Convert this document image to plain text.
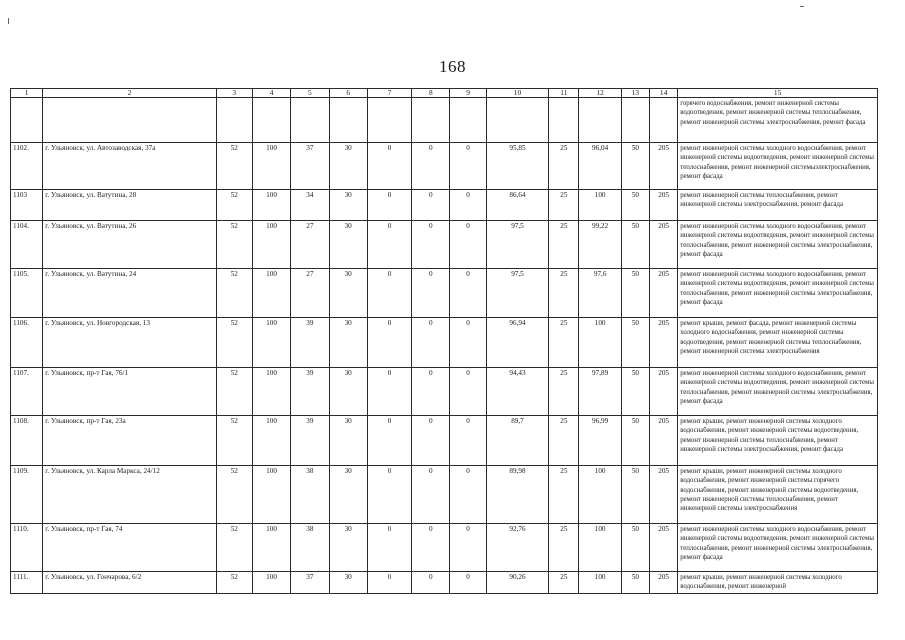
168
1	2	3	4	5	6	7	8	9	10	11	12	13	14	15
														горячего водоснабжения, ремонт инженерной системы водоотведения, ремонт инженерной системы теплоснабжения, ремонт инженерной системы электроснабжения, ремонт фасада
1102.	г. Ульяновск, ул. Автозаводская, 37а	52	100	37	30	0	0	0	95,85	25	96,04	50	205	ремонт инженерной системы холодного водоснабжения, ремонт инженерной системы водоотведения, ремонт инженерной системы теплоснабжения, ремонт инженерной системыэлектроснабжения, ремонт фасада
1103	г. Ульяновск, ул. Ватутина, 28	52	100	34	30	0	0	0	86,64	25	100	50	205	ремонт инженерной системы теплоснабжения, ремонт инженерной системы электроснабжения, ремонт фасада
1104.	г. Ульяновск, ул. Ватутина, 26	52	100	27	30	0	0	0	97,5	25	99,22	50	205	ремонт инженерной системы холодного водоснабжения, ремонт инженерной системы водоотведения, ремонт инженерной системы теплоснабжения, ремонт инженерной системы электроснабжения, ремонт фасада
1105.	г. Ульяновск, ул. Ватутина, 24	52	100	27	30	0	0	0	97,5	25	97,6	50	205	ремонт инженерной системы холодного водоснабжения, ремонт инженерной системы водоотведения, ремонт инженерной системы теплоснабжения, ремонт инженерной системы электроснабжения, ремонт фасада
1106.	г. Ульяновск, ул. Новгородская, 13	52	100	39	30	0	0	0	96,94	25	100	50	205	ремонт крыши, ремонт фасада, ремонт инженерной системы холодного водоснабжения, ремонт инженерной системы водоотведения, ремонт инженерной системы теплоснабжения, ремонт инженерной системы электроснабжения
1107.	г. Ульяновск, пр-т Гая, 76/1	52	100	39	30	0	0	0	94,43	25	97,89	50	205	ремонт инженерной системы холодного водоснабжения, ремонт инженерной системы водоотведения, ремонт инженерной системы теплоснабжения, ремонт инженерной системы электроснабжения, ремонт фасада
1108.	г. Ульяновск, пр-т Гая, 23а	52	100	39	30	0	0	0	89,7	25	96,99	50	205	ремонт крыши, ремонт инженерной системы холодного водоснабжения, ремонт инженерной системы водоотведения, ремонт инженерной системы теплоснабжения, ремонт инженерной системы электроснабжения, ремонт фасада
1109.	г. Ульяновск, ул. Карла Маркса, 24/12	52	100	38	30	0	0	0	89,98	25	100	50	205	ремонт крыши, ремонт инженерной системы холодного водоснабжения, ремонт инженерной системы горячего водоснабжения, ремонт инженерной системы водоотведения, ремонт инженерной системы теплоснабжения, ремонт инженерной системы электроснабжения
1110.	г. Ульяновск, пр-т Гая, 74	52	100	38	30	0	0	0	92,76	25	100	50	205	ремонт инженерной системы холодного водоснабжения, ремонт инженерной системы водоотведения, ремонт инженерной системы теплоснабжения, ремонт инженерной системы электроснабжения, ремонт фасада
1111.	г. Ульяновск, ул. Гончарова, 6/2	52	100	37	30	0	0	0	90,26	25	100	50	205	ремонт крыши, ремонт инженерной системы холодного водоснабжения, ремонт инженерной
